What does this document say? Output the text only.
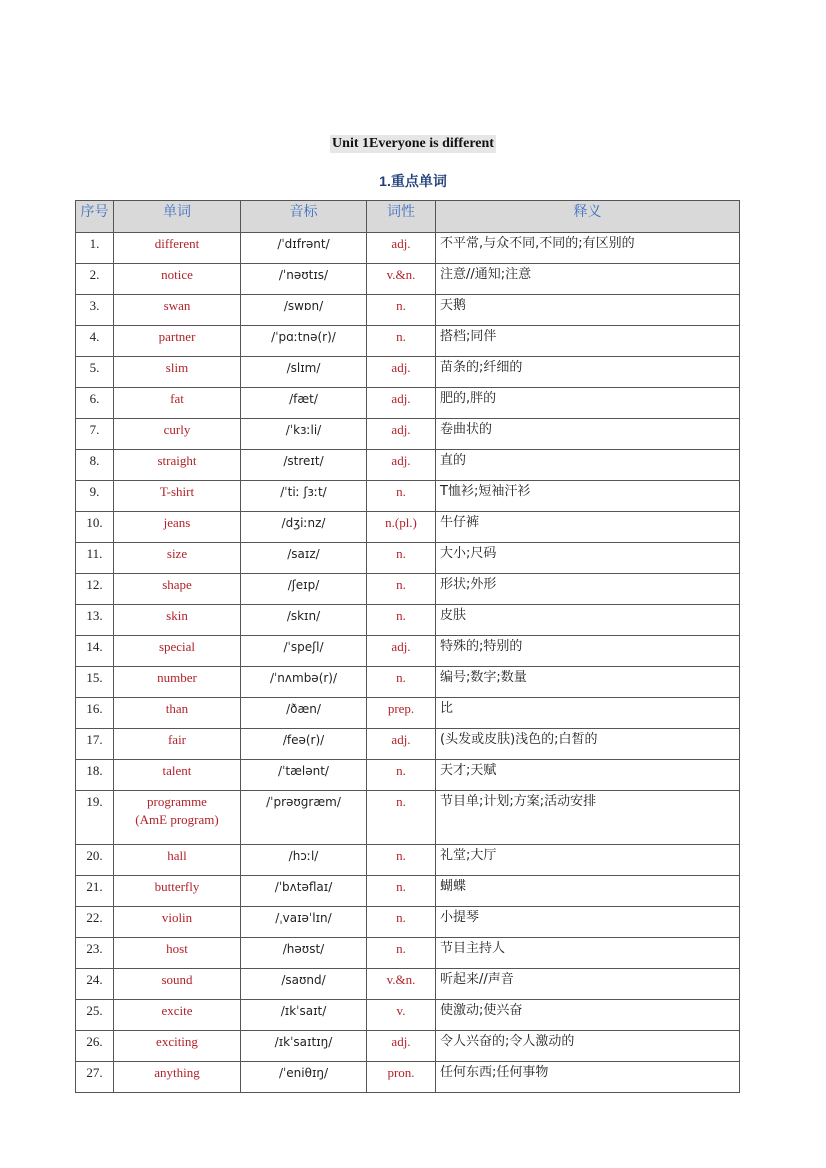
Unit 1Everyone is different
1.重点单词
序号	单词	音标	词性	释义
1.	different	/ˈdɪfrənt/	adj.	不平常,与众不同,不同的;有区别的
2.	notice	/ˈnəʊtɪs/	v.&n.	注意//通知;注意
3.	swan	/swɒn/	n.	天鹅
4.	partner	/ˈpɑːtnə(r)/	n.	搭档;同伴
5.	slim	/slɪm/	adj.	苗条的;纤细的
6.	fat	/fæt/	adj.	肥的,胖的
7.	curly	/ˈkɜːli/	adj.	卷曲状的
8.	straight	/streɪt/	adj.	直的
9.	T-shirt	/ˈtiː ʃɜːt/	n.	T恤衫;短袖汗衫
10.	jeans	/dʒiːnz/	n.(pl.)	牛仔裤
11.	size	/saɪz/	n.	大小;尺码
12.	shape	/ʃeɪp/	n.	形状;外形
13.	skin	/skɪn/	n.	皮肤
14.	special	/ˈspeʃl/	adj.	特殊的;特别的
15.	number	/ˈnʌmbə(r)/	n.	编号;数字;数量
16.	than	/ðæn/	prep.	比
17.	fair	/feə(r)/	adj.	(头发或皮肤)浅色的;白皙的
18.	talent	/ˈtælənt/	n.	天才;天赋
19.	programme
(AmE program)	/ˈprəʊɡræm/	n.	节目单;计划;方案;活动安排
20.	hall	/hɔːl/	n.	礼堂;大厅
21.	butterfly	/ˈbʌtəflaɪ/	n.	蝴蝶
22.	violin	/ˌvaɪəˈlɪn/	n.	小提琴
23.	host	/həʊst/	n.	节目主持人
24.	sound	/saʊnd/	v.&n.	听起来//声音
25.	excite	/ɪkˈsaɪt/	v.	使激动;使兴奋
26.	exciting	/ɪkˈsaɪtɪŋ/	adj.	令人兴奋的;令人激动的
27.	anything	/ˈeniθɪŋ/	pron.	任何东西;任何事物
